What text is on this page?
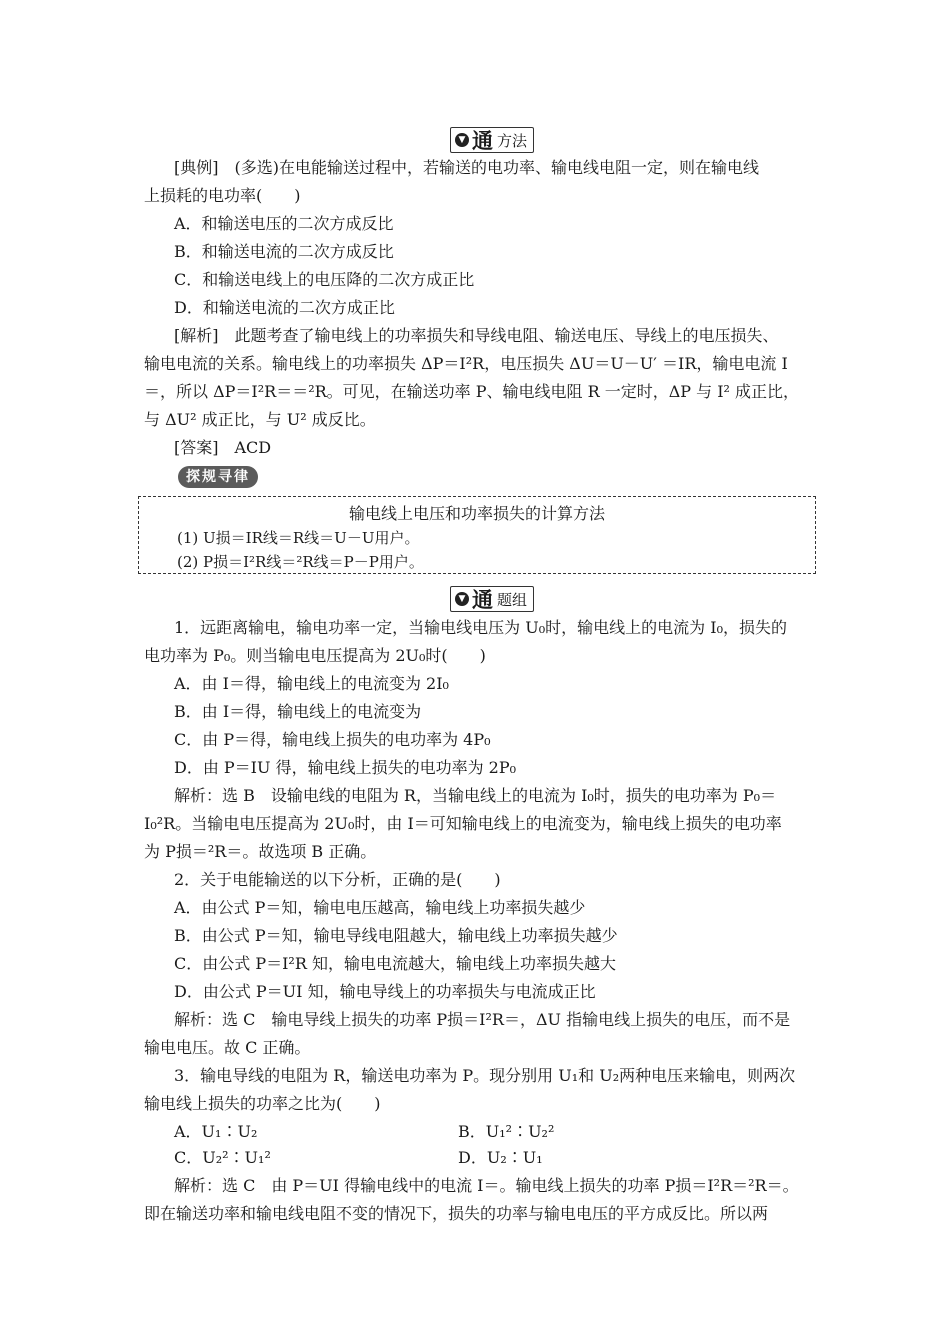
▼ 通 方法
[典例]　(多选)在电能输送过程中，若输送的电功率、输电线电阻一定，则在输电线
上损耗的电功率(　　)
A．和输送电压的二次方成反比
B．和输送电流的二次方成反比
C．和输送电线上的电压降的二次方成正比
D．和输送电流的二次方成正比
[解析]　此题考查了输电线上的功率损失和导线电阻、输送电压、导线上的电压损失、
输电电流的关系。输电线上的功率损失 ΔP＝I²R，电压损失 ΔU＝U－U′ ＝IR，输电电流 I
＝，所以 ΔP＝I²R＝＝²R。可见，在输送功率 P、输电线电阻 R 一定时，ΔP 与 I² 成正比，
与 ΔU² 成正比，与 U² 成反比。
[答案]　ACD
探规寻律
输电线上电压和功率损失的计算方法
(1) U损＝IR线＝R线＝U－U用户。
(2) P损＝I²R线＝²R线＝P－P用户。
▼ 通 题组
1．远距离输电，输电功率一定，当输电线电压为 U₀时，输电线上的电流为 I₀，损失的
电功率为 P₀。则当输电电压提高为 2U₀时(　　)
A．由 I＝得，输电线上的电流变为 2I₀
B．由 I＝得，输电线上的电流变为
C．由 P＝得，输电线上损失的电功率为 4P₀
D．由 P＝IU 得，输电线上损失的电功率为 2P₀
解析：选 B　设输电线的电阻为 R，当输电线上的电流为 I₀时，损失的电功率为 P₀＝
I₀²R。当输电电压提高为 2U₀时，由 I＝可知输电线上的电流变为，输电线上损失的电功率
为 P损＝²R＝。故选项 B 正确。
2．关于电能输送的以下分析，正确的是(　　)
A．由公式 P＝知，输电电压越高，输电线上功率损失越少
B．由公式 P＝知，输电导线电阻越大，输电线上功率损失越少
C．由公式 P＝I²R 知，输电电流越大，输电线上功率损失越大
D．由公式 P＝UI 知，输电导线上的功率损失与电流成正比
解析：选 C　输电导线上损失的功率 P损＝I²R＝，ΔU 指输电线上损失的电压，而不是
输电电压。故 C 正确。
3．输电导线的电阻为 R，输送电功率为 P。现分别用 U₁和 U₂两种电压来输电，则两次
输电线上损失的功率之比为(　　)
A．U₁∶U₂	B．U₁²∶U₂²
C．U₂²∶U₁²	D．U₂∶U₁
解析：选 C　由 P＝UI 得输电线中的电流 I＝。输电线上损失的功率 P损＝I²R＝²R＝。
即在输送功率和输电线电阻不变的情况下，损失的功率与输电电压的平方成反比。所以两
